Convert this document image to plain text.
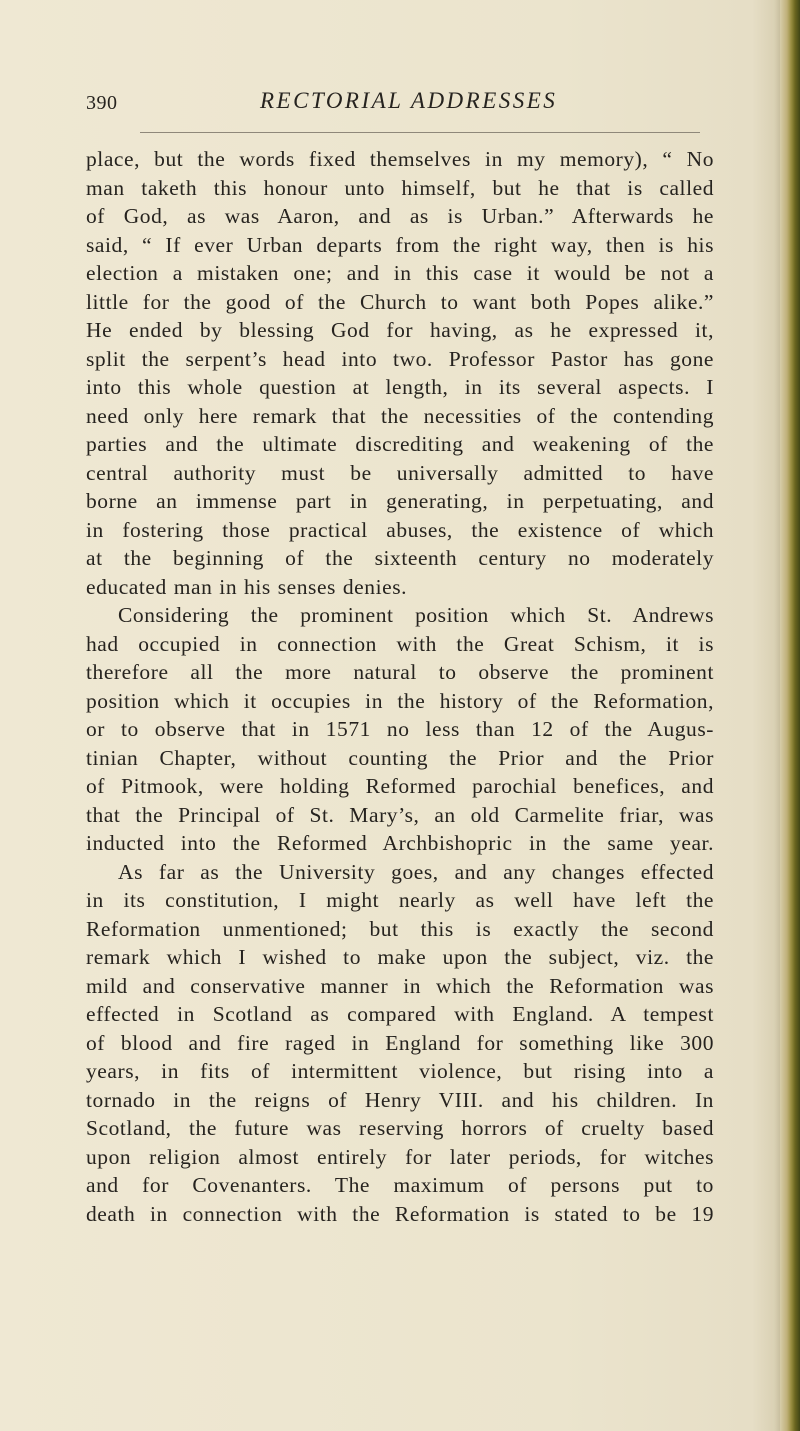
390	RECTORIAL ADDRESSES
place, but the words fixed themselves in my memory), “ No
man taketh this honour unto himself, but he that is called
of God, as was Aaron, and as is Urban.” Afterwards he
said, “ If ever Urban departs from the right way, then is his
election a mistaken one; and in this case it would be not a
little for the good of the Church to want both Popes alike.”
He ended by blessing God for having, as he expressed it,
split the serpent’s head into two. Professor Pastor has gone
into this whole question at length, in its several aspects. I
need only here remark that the necessities of the contending
parties and the ultimate discrediting and weakening of the
central authority must be universally admitted to have
borne an immense part in generating, in perpetuating, and
in fostering those practical abuses, the existence of which
at the beginning of the sixteenth century no moderately
educated man in his senses denies.
Considering the prominent position which St. Andrews
had occupied in connection with the Great Schism, it is
therefore all the more natural to observe the prominent
position which it occupies in the history of the Reformation,
or to observe that in 1571 no less than 12 of the Augus-
tinian Chapter, without counting the Prior and the Prior
of Pitmook, were holding Reformed parochial benefices, and
that the Principal of St. Mary’s, an old Carmelite friar, was
inducted into the Reformed Archbishopric in the same year.
As far as the University goes, and any changes effected
in its constitution, I might nearly as well have left the
Reformation unmentioned; but this is exactly the second
remark which I wished to make upon the subject, viz. the
mild and conservative manner in which the Reformation was
effected in Scotland as compared with England. A tempest
of blood and fire raged in England for something like 300
years, in fits of intermittent violence, but rising into a
tornado in the reigns of Henry VIII. and his children. In
Scotland, the future was reserving horrors of cruelty based
upon religion almost entirely for later periods, for witches
and for Covenanters. The maximum of persons put to
death in connection with the Reformation is stated to be 19
